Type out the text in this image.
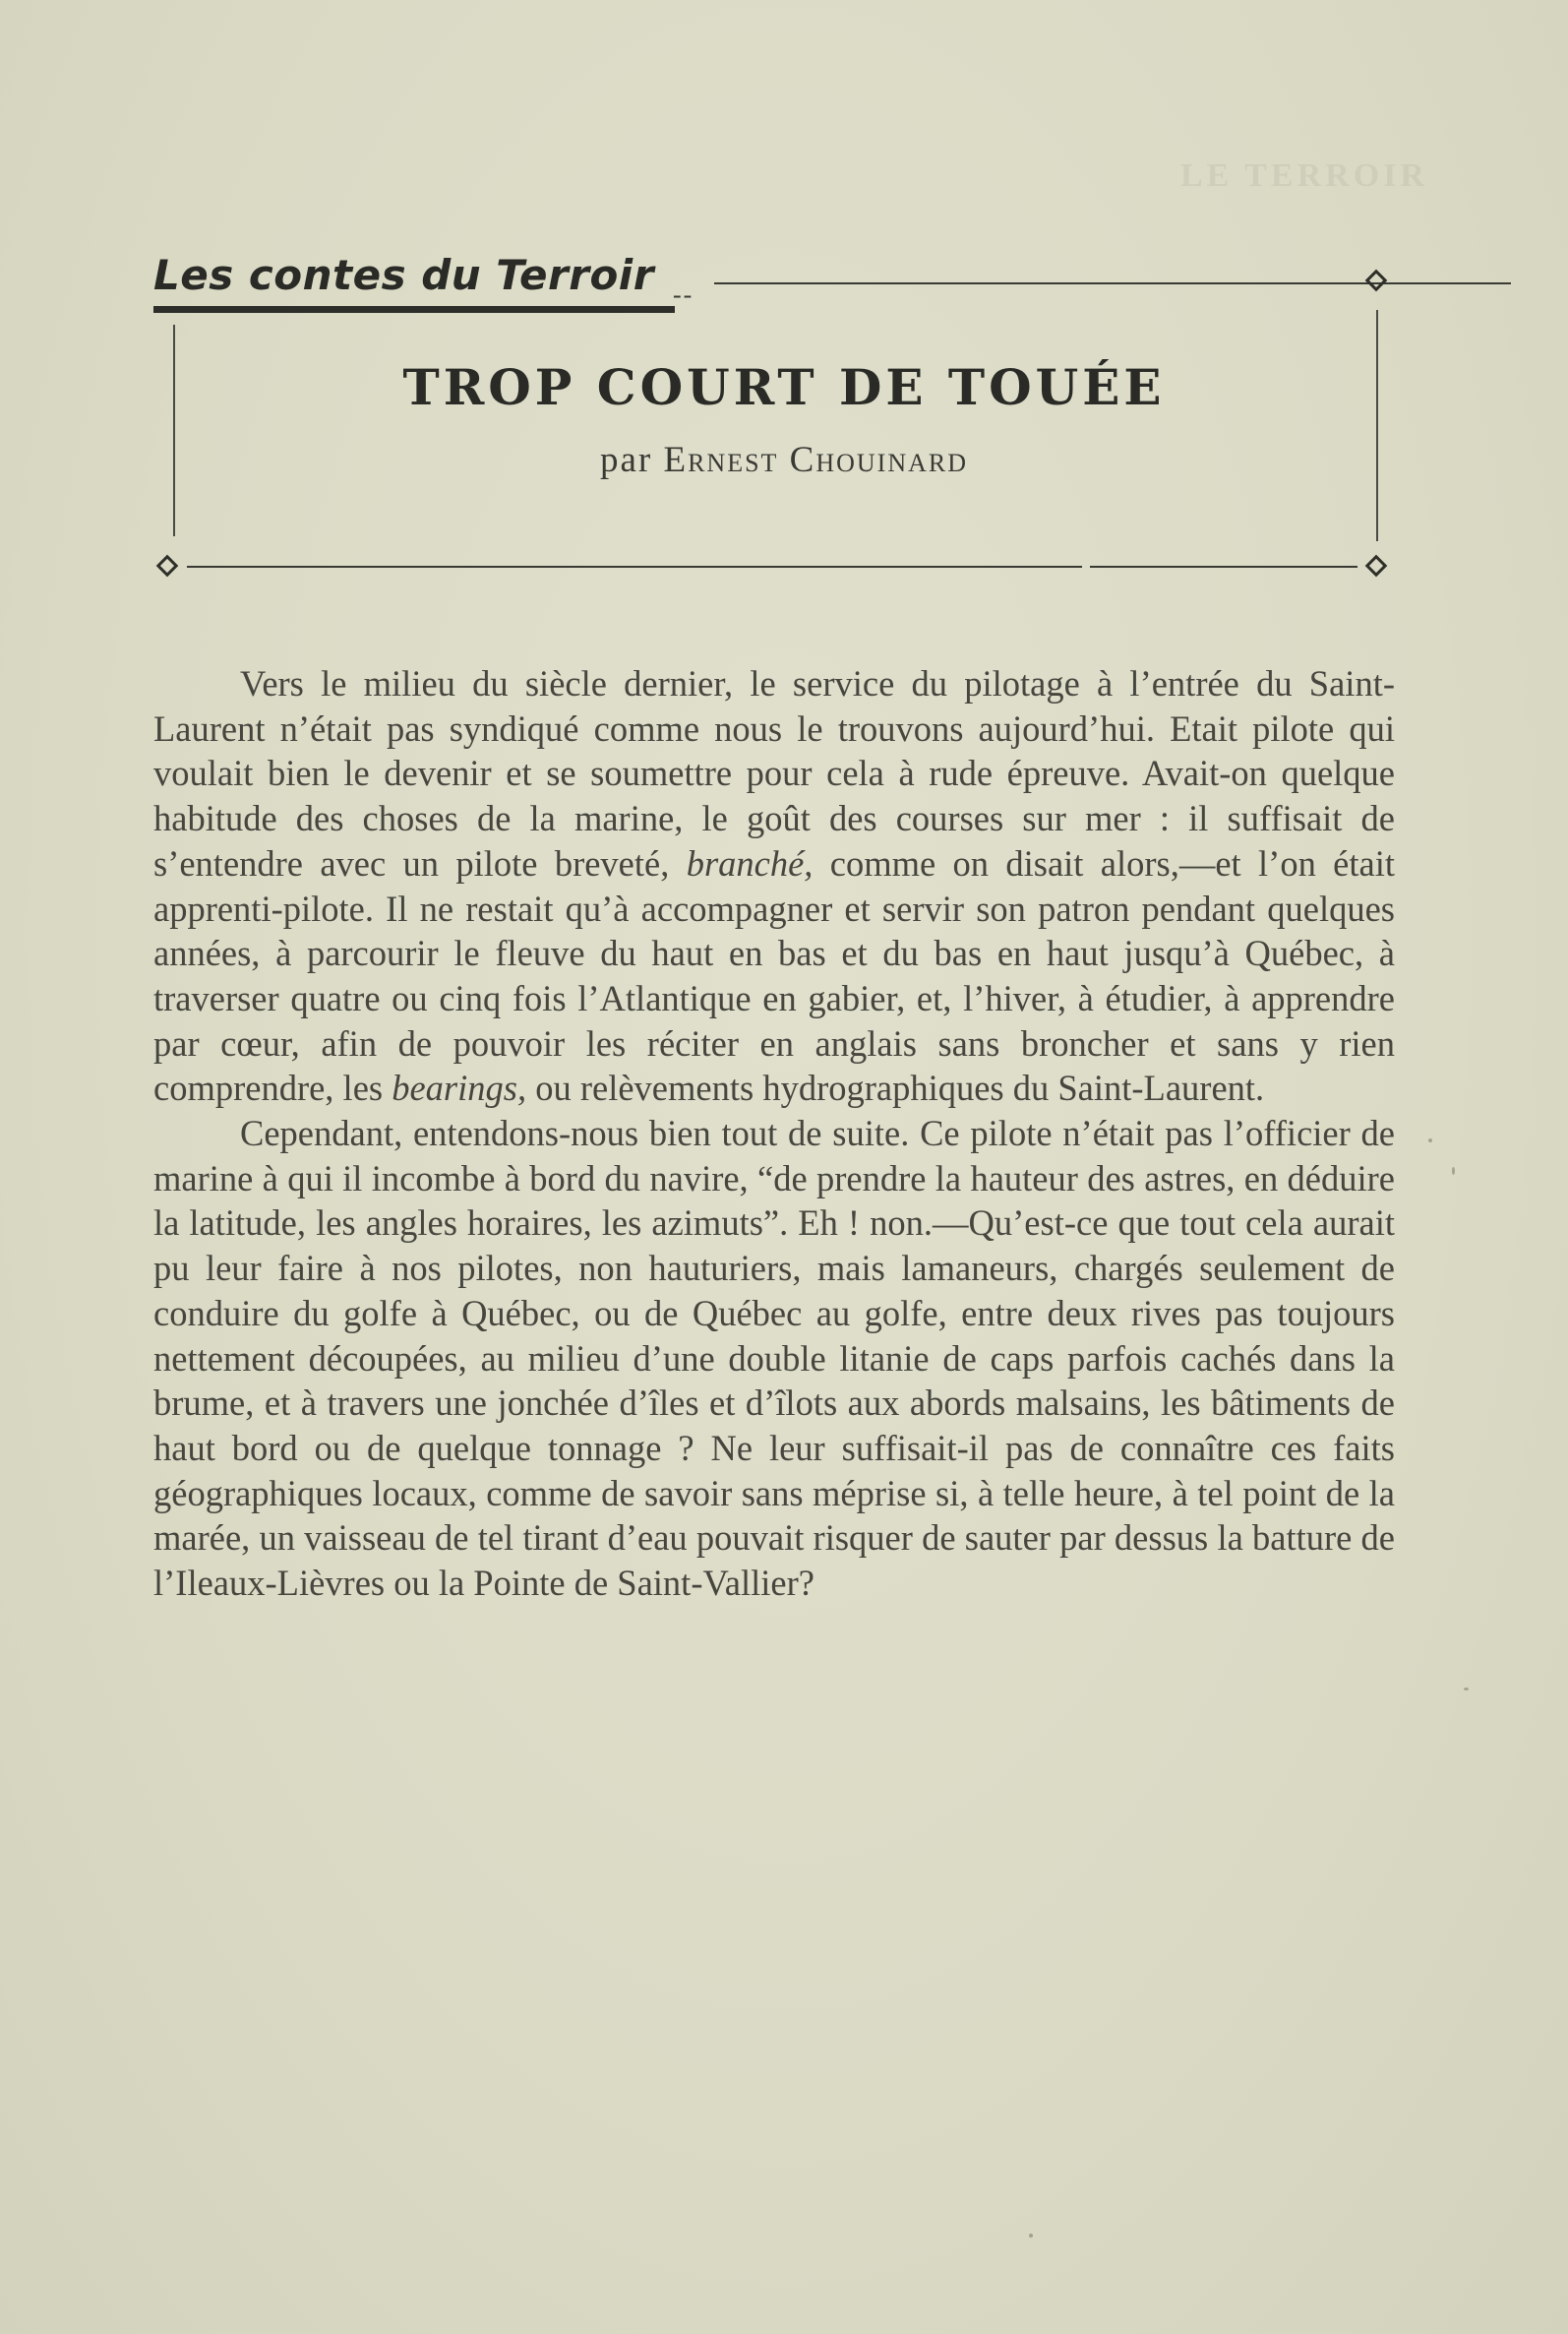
LE TERROIR
Les contes du Terroir --
TROP COURT DE TOUÉE
par Ernest Chouinard

Vers le milieu du siècle dernier, le service du pilotage à l’entrée du Saint-Laurent n’était pas syndiqué comme nous le trouvons aujourd’hui. Etait pilote qui voulait bien le devenir et se soumettre pour cela à rude épreuve. Avait-on quelque habitude des choses de la marine, le goût des courses sur mer : il suffisait de s’entendre avec un pilote breveté, branché, comme on disait alors,—et l’on était apprenti-pilote. Il ne restait qu’à accompagner et servir son patron pendant quelques années, à parcourir le fleuve du haut en bas et du bas en haut jusqu’à Québec, à traverser quatre ou cinq fois l’Atlantique en gabier, et, l’hiver, à étudier, à apprendre par cœur, afin de pouvoir les réciter en anglais sans broncher et sans y rien comprendre, les bearings, ou relèvements hydrographiques du Saint-Laurent.

Cependant, entendons-nous bien tout de suite. Ce pilote n’était pas l’officier de marine à qui il incombe à bord du navire, “de prendre la hauteur des astres, en déduire la latitude, les angles horaires, les azimuts”. Eh ! non.—Qu’est-ce que tout cela aurait pu leur faire à nos pilotes, non hauturiers, mais lamaneurs, chargés seulement de conduire du golfe à Québec, ou de Québec au golfe, entre deux rives pas toujours nettement découpées, au milieu d’une double litanie de caps parfois cachés dans la brume, et à travers une jonchée d’îles et d’îlots aux abords malsains, les bâtiments de haut bord ou de quelque tonnage ? Ne leur suffisait-il pas de connaître ces faits géographiques locaux, comme de savoir sans méprise si, à telle heure, à tel point de la marée, un vaisseau de tel tirant d’eau pouvait risquer de sauter par dessus la batture de l’Ileaux-Lièvres ou la Pointe de Saint-Vallier?
